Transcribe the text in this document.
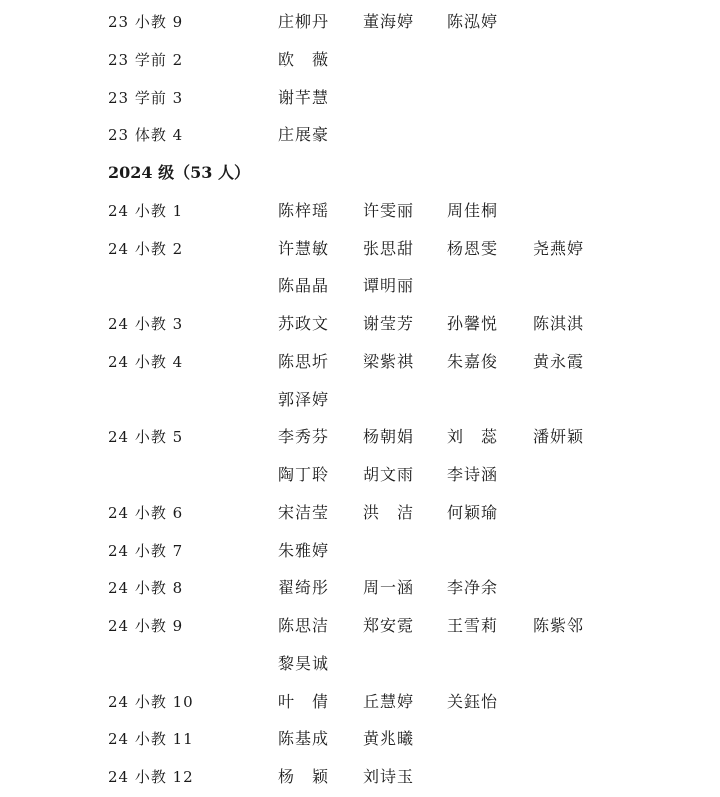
23 小教 9	庄柳丹 董海婷 陈泓婷
23 学前 2	欧　薇
23 学前 3	谢芊慧
23 体教 4	庄展豪
2024 级（53 人）
24 小教 1	陈梓瑶 许雯丽 周佳桐
24 小教 2	许慧敏 张思甜 杨恩雯 尧燕婷
陈晶晶 谭明丽
24 小教 3	苏政文 谢莹芳 孙馨悦 陈淇淇
24 小教 4	陈思圻 梁紫祺 朱嘉俊 黄永霞
郭泽婷
24 小教 5	李秀芬 杨朝娟 刘　蕊 潘妍颖
陶丁聆 胡文雨 李诗涵
24 小教 6	宋洁莹 洪　洁 何颖瑜
24 小教 7	朱雅婷
24 小教 8	翟绮彤 周一涵 李净余
24 小教 9	陈思洁 郑安霓 王雪莉 陈紫邻
黎昊诚
24 小教 10	叶　倩 丘慧婷 关鈺怡
24 小教 11	陈基成 黄兆曦
24 小教 12	杨　颖 刘诗玉
